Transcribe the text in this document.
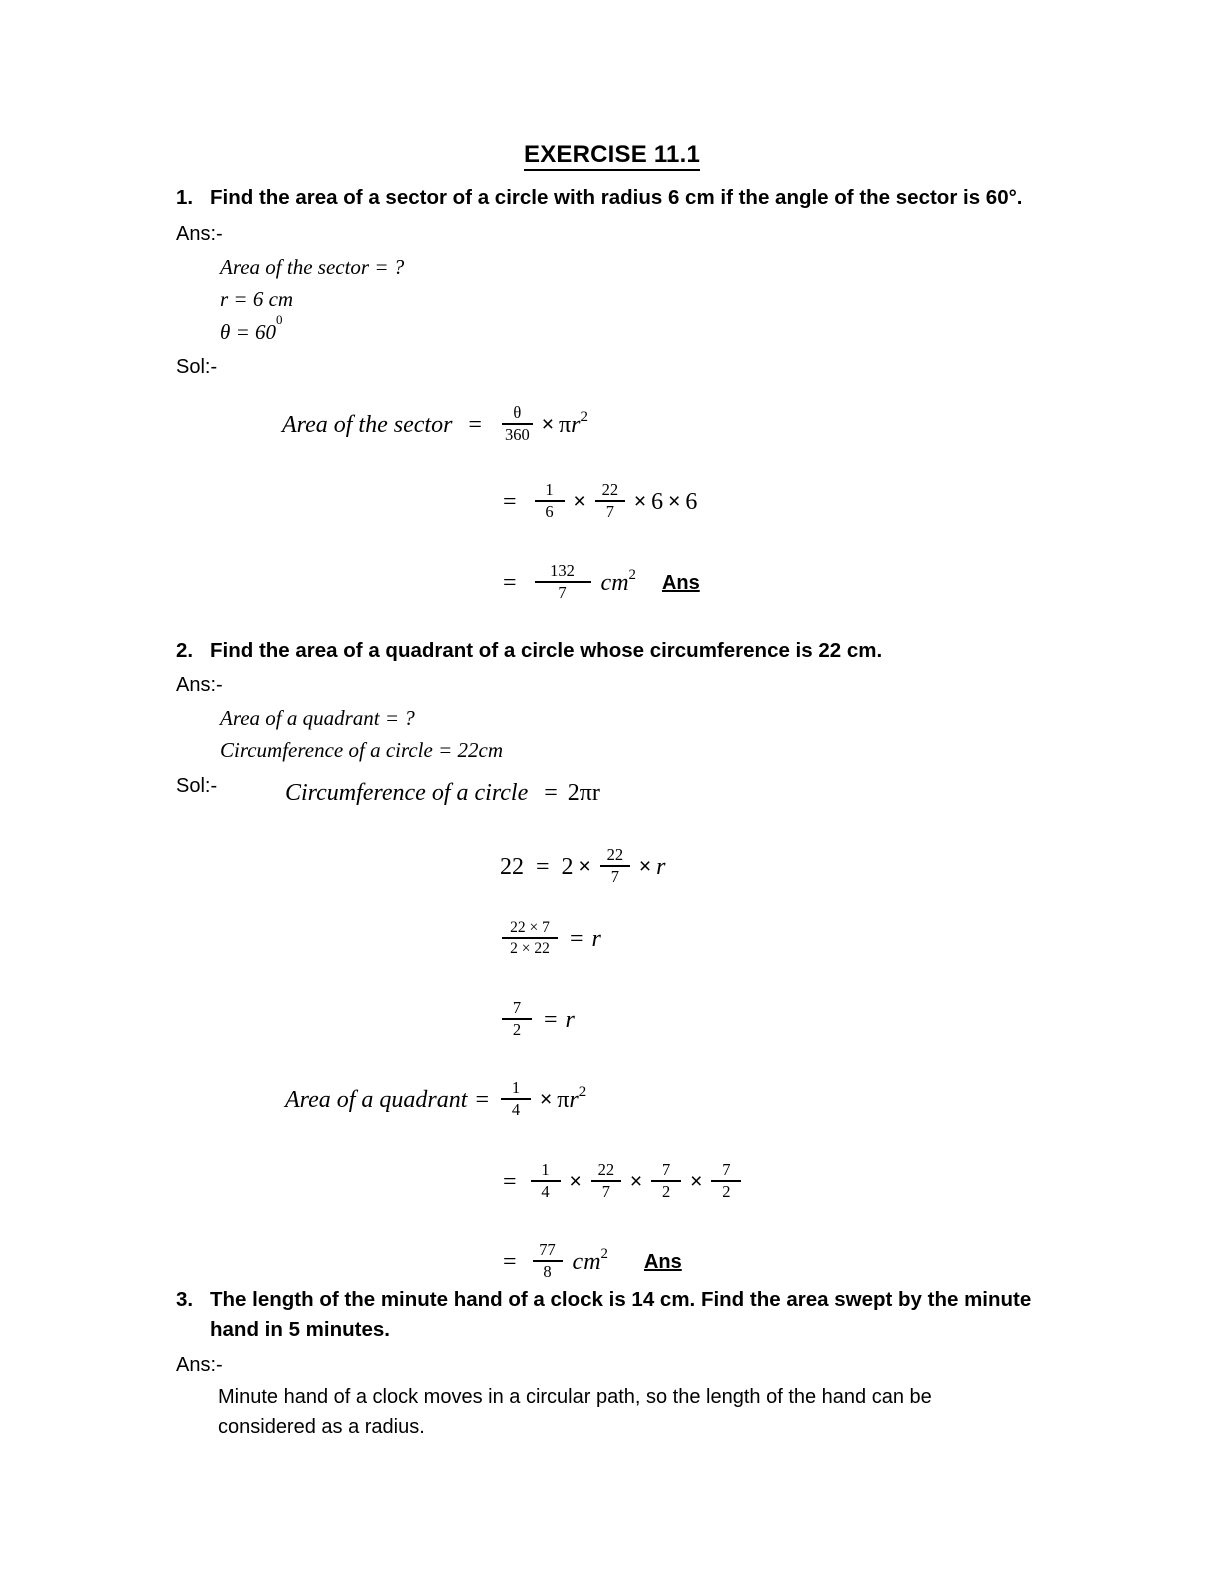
EXERCISE 11.1
1. Find the area of a sector of a circle with radius 6 cm if the angle of the sector is 60°.
Ans:-
Area of the sector = ?
r = 6 cm
$\theta = 60^0$
Sol:-
Area of the sector =	$\frac{\theta}{360} \times \pi$ r 2
=	$\frac{1}{6} \times \frac{22}{7} \times 6 \times 6$
=	$\frac{132}{7}$ cm 2 Ans
2. Find the area of a quadrant of a circle whose circumference is 22 cm.
Ans:-
Area of a quadrant = ?
Circumference of a circle = 22cm
Sol:-	Circumference of a circle = 2πr
$22 = 2 \times \frac{22}{7} \times r$
$\frac{22 \times 7}{2 \times 22} = r$
$\frac{7}{2} = r$
Area of a quadrant = $\frac{1}{4} \times \pi$ r 2
= $\frac{1}{4} \times \frac{22}{7} \times \frac{7}{2} \times \frac{7}{2}$
= $\frac{77}{8}$ cm 2 Ans
3. The length of the minute hand of a clock is 14 cm. Find the area swept by the minute hand in 5 minutes.
Ans:-
Minute hand of a clock moves in a circular path, so the length of the hand can be considered as a radius.
